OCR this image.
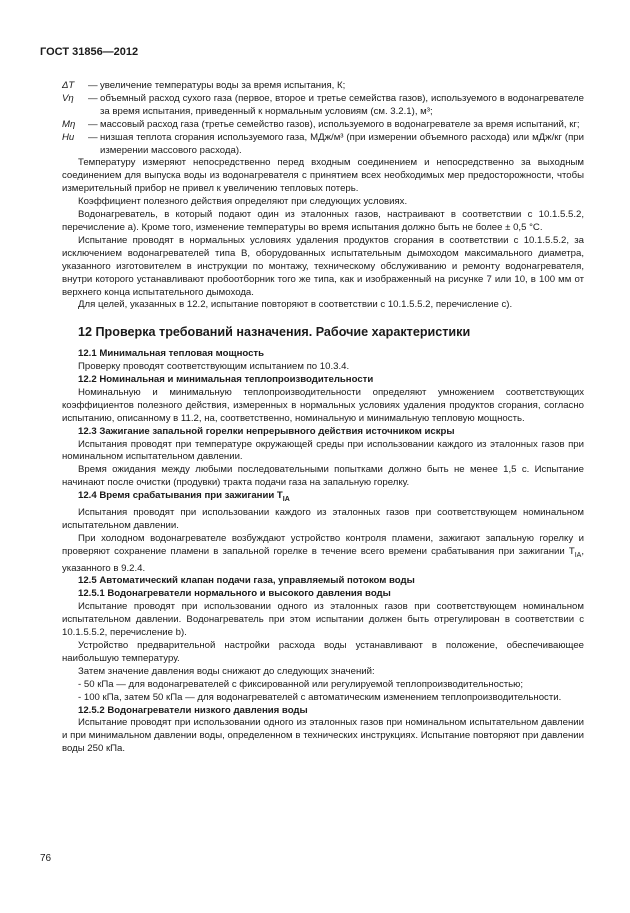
ГОСТ 31856—2012
ΔT	— увеличение температуры воды за время испытания, К;
Vη	— объемный расход сухого газа (первое, второе и третье семейства газов), используемого в водонагревателе за время испытания, приведенный к нормальным условиям (см. 3.2.1), м³;
Mη	— массовый расход газа (третье семейство газов), используемого в водонагревателе за время испытаний, кг;
Hu	— низшая теплота сгорания используемого газа, МДж/м³ (при измерении объемного расхода) или мДж/кг (при измерении массового расхода).

Температуру измеряют непосредственно перед входным соединением и непосредственно за выходным соединением для выпуска воды из водонагревателя с принятием всех необходимых мер предосторожности, чтобы измерительный прибор не привел к увеличению тепловых потерь.

Коэффициент полезного действия определяют при следующих условиях.

Водонагреватель, в который подают один из эталонных газов, настраивают в соответствии с 10.1.5.5.2, перечисление а). Кроме того, изменение температуры во время испытания должно быть не более ± 0,5 °С.

Испытание проводят в нормальных условиях удаления продуктов сгорания в соответствии с 10.1.5.5.2, за исключением водонагревателей типа B, оборудованных испытательным дымоходом максимального диаметра, указанного изготовителем в инструкции по монтажу, техническому обслуживанию и ремонту водонагревателя, внутри которого устанавливают пробоотборник того же типа, как и изображенный на рисунке 7 или 10, в 100 мм от верхнего конца испытательного дымохода.

Для целей, указанных в 12.2, испытание повторяют в соответствии с 10.1.5.5.2, перечисление с).

12 Проверка требований назначения. Рабочие характеристики
12.1 Минимальная тепловая мощность

Проверку проводят соответствующим испытанием по 10.3.4.

12.2 Номинальная и минимальная теплопроизводительности

Номинальную и минимальную теплопроизводительности определяют умножением соответствующих коэффициентов полезного действия, измеренных в нормальных условиях удаления продуктов сгорания, согласно испытанию, описанному в 11.2, на, соответственно, номинальную и минимальную тепловую мощность.

12.3 Зажигание запальной горелки непрерывного действия источником искры

Испытания проводят при температуре окружающей среды при использовании каждого из эталонных газов при номинальном испытательном давлении.

Время ожидания между любыми последовательными попытками должно быть не менее 1,5 с. Испытание начинают после очистки (продувки) тракта подачи газа на запальную горелку.

12.4 Время срабатывания при зажигании $T_{IA}$

Испытания проводят при использовании каждого из эталонных газов при соответствующем номинальном испытательном давлении.

При холодном водонагревателе возбуждают устройство контроля пламени, зажигают запальную горелку и проверяют сохранение пламени в запальной горелке в течение всего времени срабатывания при зажигании $T_{IA}$, указанного в 9.2.4.

12.5 Автоматический клапан подачи газа, управляемый потоком воды
12.5.1 Водонагреватели нормального и высокого давления воды

Испытание проводят при использовании одного из эталонных газов при соответствующем номинальном испытательном давлении. Водонагреватель при этом испытании должен быть отрегулирован в соответствии с 10.1.5.5.2, перечисление b).

Устройство предварительной настройки расхода воды устанавливают в положение, обеспечивающее наибольшую температуру.

Затем значение давления воды снижают до следующих значений:

- 50 кПа — для водонагревателей с фиксированной или регулируемой теплопроизводительностью;

- 100 кПа, затем 50 кПа — для водонагревателей с автоматическим изменением теплопроизводительности.

12.5.2 Водонагреватели низкого давления воды

Испытание проводят при использовании одного из эталонных газов при номинальном испытательном давлении и при минимальном давлении воды, определенном в технических инструкциях. Испытание повторяют при давлении воды 250 кПа.

76
